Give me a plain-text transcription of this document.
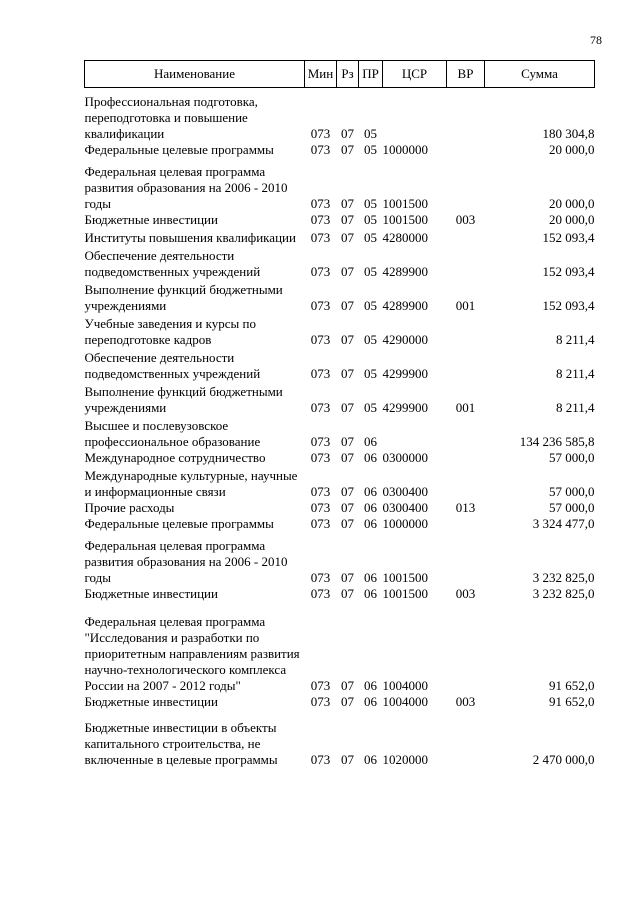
78
Наименование	Мин	Рз	ПР	ЦСР	ВР	Сумма

Профессиональная подготовка, переподготовка и повышение квалификации	073	07	05			180 304,8
Федеральные целевые программы	073	07	05	1000000		20 000,0
Федеральная целевая программа развития образования на 2006 - 2010 годы	073	07	05	1001500		20 000,0
Бюджетные инвестиции	073	07	05	1001500	003	20 000,0
Институты повышения квалификации	073	07	05	4280000		152 093,4
Обеспечение деятельности подведомственных учреждений	073	07	05	4289900		152 093,4
Выполнение функций бюджетными учреждениями	073	07	05	4289900	001	152 093,4
Учебные заведения и курсы по переподготовке кадров	073	07	05	4290000		8 211,4
Обеспечение деятельности подведомственных учреждений	073	07	05	4299900		8 211,4
Выполнение функций бюджетными учреждениями	073	07	05	4299900	001	8 211,4
Высшее и послевузовское профессиональное образование	073	07	06			134 236 585,8
Международное сотрудничество	073	07	06	0300000		57 000,0
Международные культурные, научные и информационные связи	073	07	06	0300400		57 000,0
Прочие расходы	073	07	06	0300400	013	57 000,0
Федеральные целевые программы	073	07	06	1000000		3 324 477,0
Федеральная целевая программа развития образования на 2006 - 2010 годы	073	07	06	1001500		3 232 825,0
Бюджетные инвестиции	073	07	06	1001500	003	3 232 825,0
Федеральная целевая программа "Исследования и разработки по приоритетным направлениям развития научно-технологического комплекса России на 2007 - 2012 годы"	073	07	06	1004000		91 652,0
Бюджетные инвестиции	073	07	06	1004000	003	91 652,0
Бюджетные инвестиции в объекты капитального строительства, не включенные в целевые программы	073	07	06	1020000		2 470 000,0
